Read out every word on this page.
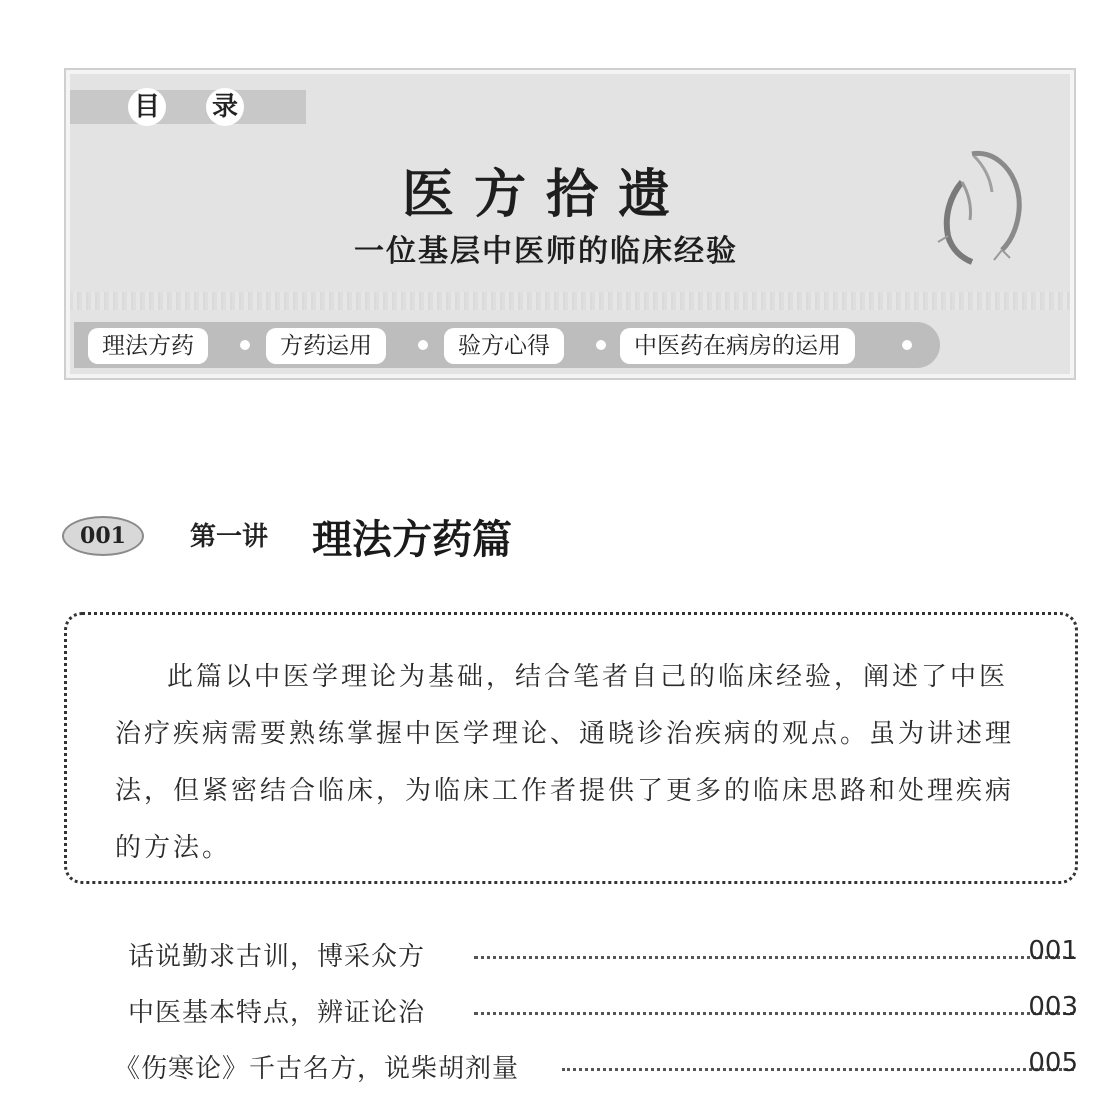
目 录
医方拾遗
一位基层中医师的临床经验
理法方药	方药运用	验方心得	中医药在病房的运用
001	第一讲 理法方药篇

此篇以中医学理论为基础，结合笔者自己的临床经验，阐述了中医治疗疾病需要熟练掌握中医学理论、通晓诊治疾病的观点。虽为讲述理法，但紧密结合临床，为临床工作者提供了更多的临床思路和处理疾病的方法。

话说勤求古训，博采众方	001
中医基本特点，辨证论治	003
《伤寒论》千古名方，说柴胡剂量	005
